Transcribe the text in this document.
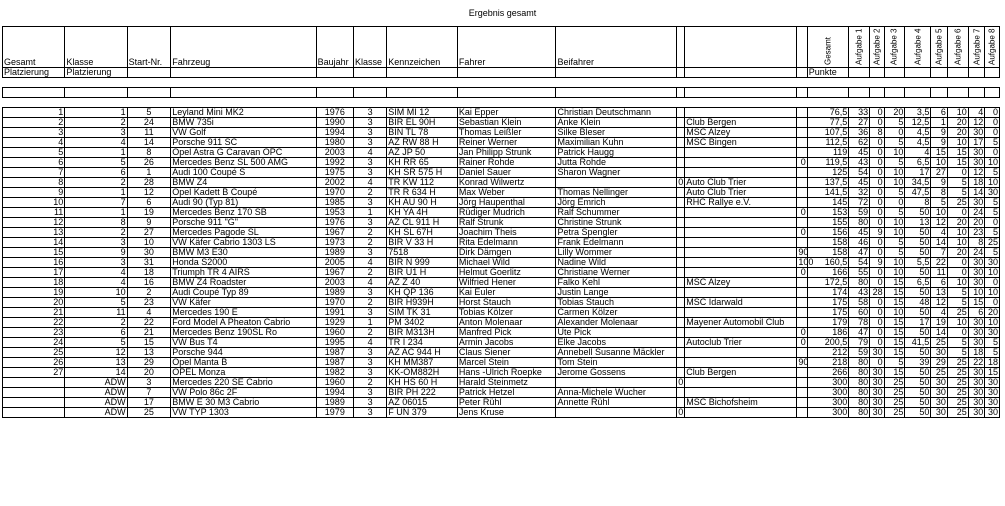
Ergebnis gesamt
Gesamt	Klasse	Start-Nr.	Fahrzeug	Baujahr	Klasse	Kennzeichen	Fahrer	Beifahrer				Gesamt	Aufgabe 1	Aufgabe 2	Aufgabe 3	Aufgabe 4	Aufgabe 5	Aufgabe 6	Aufgabe 7	Aufgabe 8

Platzierung	Platzierung											Punkte								

1	1	5	Leyland Mini MK2	1976	3	SIM MI 12	Kai Epper	Christian Deutschmann				76,5	33	0	20	3,5	6	10	4	0
2	2	24	BMW 735i	1990	3	BIR EL 90H	Sebastian Klein	Anke Klein		Club Bergen		77,5	27	0	5	12,5	1	20	12	0
3	3	11	VW Golf	1994	3	BIN TL 78	Thomas Leißler	Silke Bleser		MSC Alzey		107,5	36	8	0	4,5	9	20	30	0
4	4	14	Porsche 911 SC	1980	3	AZ RW 88 H	Reiner Werner	Maximilian Kuhn		MSC Bingen		112,5	62	0	5	4,5	9	10	17	5
5	1	8	Opel Astra G Caravan OPC	2003	4	AZ JP 50	Jan Philipp Strunk	Patrick Haugg				119	45	0	10	4	15	15	30	0
6	5	26	Mercedes Benz SL 500 AMG	1992	3	KH RR 65	Rainer Rohde	Jutta Rohde			0	119,5	43	0	5	6,5	10	15	30	10
7	6	1	Audi 100 Coupé S	1975	3	KH SR 575 H	Daniel Sauer	Sharon Wagner				125	54	0	10	17	27	0	12	5
8	2	28	BMW Z4	2002	4	TR KW 112	Konrad Wilwertz		0	Auto Club Trier		137,5	45	0	10	34,5	9	5	18	10
9	1	12	Opel Kadett B Coupé	1970	2	TR R 634 H	Max Weber	Thomas Nellinger		Auto Club Trier		141,5	32	0	5	47,5	8	5	14	30
10	7	6	Audi 90 (Typ 81)	1985	3	KH AU 90 H	Jörg Haupenthal	Jörg Emrich		RHC Rallye e.V.		145	72	0	0	8	5	25	30	5
11	1	19	Mercedes Benz 170 SB	1953	1	KH YA 4H	Rüdiger Mudrich	Ralf Schummer			0	153	59	0	5	50	10	0	24	5
12	8	9	Porsche 911 "G"	1976	3	AZ CL 911 H	Ralf Strunk	Christine Strunk				155	80	0	10	13	12	20	20	0
13	2	27	Mercedes Pagode SL	1967	2	KH SL 67H	Joachim Theis	Petra Spengler			0	156	45	9	10	50	4	10	23	5
14	3	10	VW Käfer Cabrio 1303 LS	1973	2	BIR V 33 H	Rita Edelmann	Frank Edelmann				158	46	0	5	50	14	10	8	25
15	9	30	BMW M3 E30	1989	3	7518	Dirk Dämgen	Lilly Wommer			90	158	47	0	5	50	7	20	24	5
16	3	31	Honda S2000	2005	4	BIR N 999	Michael Wild	Nadine Wild			100	160,5	54	9	10	5,5	22	0	30	30
17	4	18	Triumph TR 4 AIRS	1967	2	BIR U1 H	Helmut Goerlitz	Christiane Werner			0	166	55	0	10	50	11	0	30	10
18	4	16	BMW Z4 Roadster	2003	4	AZ Z 40	Wilfried Hener	Falko Kehl		MSC Alzey		172,5	80	0	15	6,5	6	10	30	0
19	10	2	Audi Coupé Typ 89	1989	3	KH QP 136	Kai Euler	Justin Lange				174	43	28	15	50	13	5	10	10
20	5	23	VW Käfer	1970	2	BIR H939H	Horst Stauch	Tobias Stauch		MSC Idarwald		175	58	0	15	48	12	5	15	0
21	11	4	Mercedes 190 E	1991	3	SIM TK 31	Tobias Kölzer	Carmen Kölzer				175	60	0	10	50	4	25	6	20
22	2	22	Ford Model A Pheaton Cabrio	1929	1	PM 3402	Anton Molenaar	Alexander Molenaar		Mayener Automobil Club		179	78	0	15	17	19	10	30	10
23	6	21	Mercedes Benz 190SL Ro	1960	2	BIR M313H	Manfred Pick	Ute Pick			0	186	47	0	15	50	14	0	30	30
24	5	15	VW Bus T4	1995	4	TR I 234	Armin Jacobs	Elke Jacobs		Autoclub Trier	0	200,5	79	0	15	41,5	25	5	30	5
25	12	13	Porsche 944	1987	3	AZ AC 944 H	Claus Siener	Annebell Susanne Mäckler				212	59	30	15	50	30	5	18	5
26	13	29	Opel Manta B	1987	3	KH MM387	Marcel Stein	Tom Stein			90	218	80	0	5	39	29	25	22	18
27	14	20	OPEL Monza	1982	3	KK-OM882H	Hans -Ulrich Roepke	Jerome Gossens		Club Bergen		266	80	30	15	50	25	25	30	15
	ADW	3	Mercedes 220 SE Cabrio	1960	2	KH HS 60 H	Harald Steinmetz		0			300	80	30	25	50	30	25	30	30
	ADW	7	VW Polo 86c 2F	1994	3	BIR PH 222	Patrick Hetzel	Anna-Michele Wucher				300	80	30	25	50	30	25	30	30
	ADW	17	BMW E 30 M3 Cabrio	1989	3	AZ 06015	Peter Rühl	Annette Rühl		MSC Bichofsheim		300	80	30	25	50	30	25	30	30
	ADW	25	VW TYP 1303	1979	3	F UN 379	Jens Kruse		0			300	80	30	25	50	30	25	30	30
